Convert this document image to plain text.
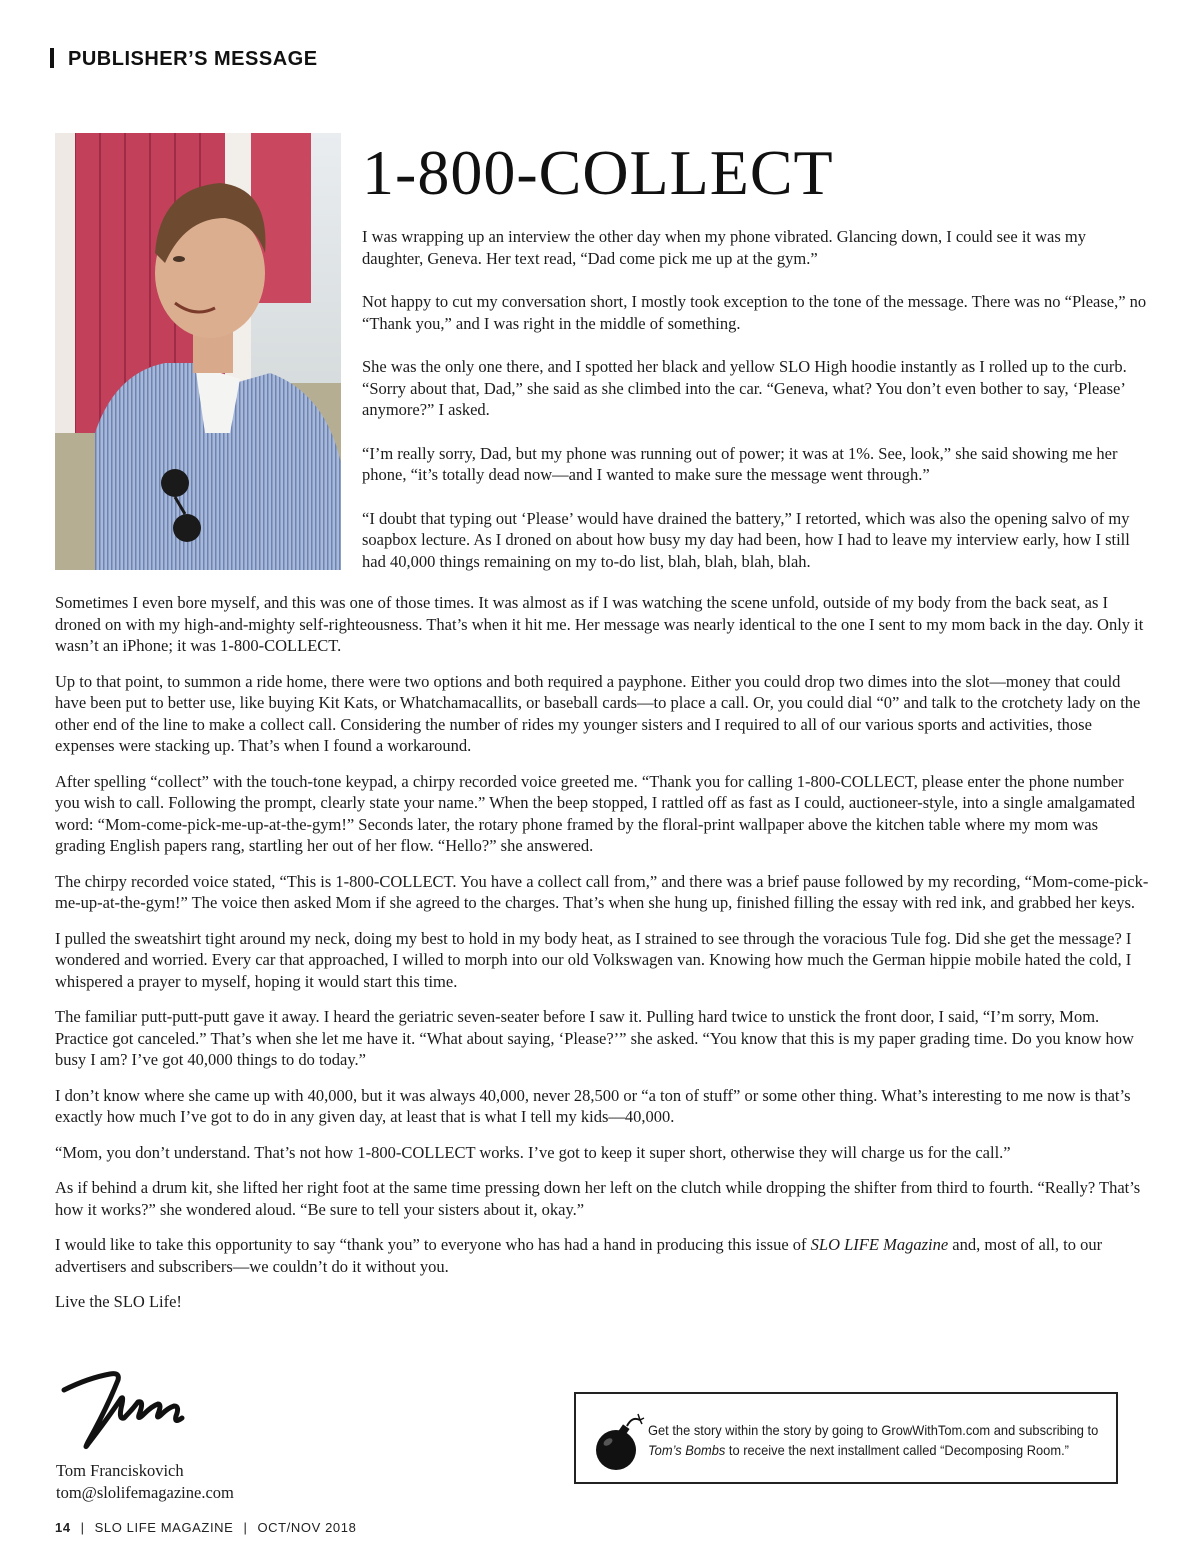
PUBLISHER’S MESSAGE
1-800-COLLECT

I was wrapping up an interview the other day when my phone vibrated. Glancing down, I could see it was my daughter, Geneva. Her text read, “Dad come pick me up at the gym.”

Not happy to cut my conversation short, I mostly took exception to the tone of the message. There was no “Please,” no “Thank you,” and I was right in the middle of something.

She was the only one there, and I spotted her black and yellow SLO High hoodie instantly as I rolled up to the curb. “Sorry about that, Dad,” she said as she climbed into the car. “Geneva, what? You don’t even bother to say, ‘Please’ anymore?” I asked.

“I’m really sorry, Dad, but my phone was running out of power; it was at 1%. See, look,” she said showing me her phone, “it’s totally dead now—and I wanted to make sure the message went through.”

“I doubt that typing out ‘Please’ would have drained the battery,” I retorted, which was also the opening salvo of my soapbox lecture. As I droned on about how busy my day had been, how I had to leave my interview early, how I still had 40,000 things remaining on my to-do list, blah, blah, blah, blah.

Sometimes I even bore myself, and this was one of those times. It was almost as if I was watching the scene unfold, outside of my body from the back seat, as I droned on with my high-and-mighty self-righteousness. That’s when it hit me. Her message was nearly identical to the one I sent to my mom back in the day. Only it wasn’t an iPhone; it was 1-800-COLLECT.

Up to that point, to summon a ride home, there were two options and both required a payphone. Either you could drop two dimes into the slot—money that could have been put to better use, like buying Kit Kats, or Whatchamacallits, or baseball cards—to place a call. Or, you could dial “0” and talk to the crotchety lady on the other end of the line to make a collect call. Considering the number of rides my younger sisters and I required to all of our various sports and activities, those expenses were stacking up. That’s when I found a workaround.

After spelling “collect” with the touch-tone keypad, a chirpy recorded voice greeted me. “Thank you for calling 1-800-COLLECT, please enter the phone number you wish to call. Following the prompt, clearly state your name.” When the beep stopped, I rattled off as fast as I could, auctioneer-style, into a single amalgamated word: “Mom-come-pick-me-up-at-the-gym!” Seconds later, the rotary phone framed by the floral-print wallpaper above the kitchen table where my mom was grading English papers rang, startling her out of her flow. “Hello?” she answered.

The chirpy recorded voice stated, “This is 1-800-COLLECT. You have a collect call from,” and there was a brief pause followed by my recording, “Mom-come-pick-me-up-at-the-gym!” The voice then asked Mom if she agreed to the charges. That’s when she hung up, finished filling the essay with red ink, and grabbed her keys.

I pulled the sweatshirt tight around my neck, doing my best to hold in my body heat, as I strained to see through the voracious Tule fog. Did she get the message? I wondered and worried. Every car that approached, I willed to morph into our old Volkswagen van. Knowing how much the German hippie mobile hated the cold, I whispered a prayer to myself, hoping it would start this time.

The familiar putt-putt-putt gave it away. I heard the geriatric seven-seater before I saw it. Pulling hard twice to unstick the front door, I said, “I’m sorry, Mom. Practice got canceled.” That’s when she let me have it. “What about saying, ‘Please?’” she asked. “You know that this is my paper grading time. Do you know how busy I am? I’ve got 40,000 things to do today.”

I don’t know where she came up with 40,000, but it was always 40,000, never 28,500 or “a ton of stuff” or some other thing. What’s interesting to me now is that’s exactly how much I’ve got to do in any given day, at least that is what I tell my kids—40,000.

“Mom, you don’t understand. That’s not how 1-800-COLLECT works. I’ve got to keep it super short, otherwise they will charge us for the call.”

As if behind a drum kit, she lifted her right foot at the same time pressing down her left on the clutch while dropping the shifter from third to fourth. “Really? That’s how it works?” she wondered aloud. “Be sure to tell your sisters about it, okay.”

I would like to take this opportunity to say “thank you” to everyone who has had a hand in producing this issue of SLO LIFE Magazine and, most of all, to our advertisers and subscribers—we couldn’t do it without you.

Live the SLO Life!

Tom Franciskovich
tom@slolifemagazine.com
Get the story within the story by going to GrowWithTom.com and subscribing to
Tom’s Bombs to receive the next installment called “Decomposing Room.”
14 | SLO LIFE MAGAZINE | OCT/NOV 2018
